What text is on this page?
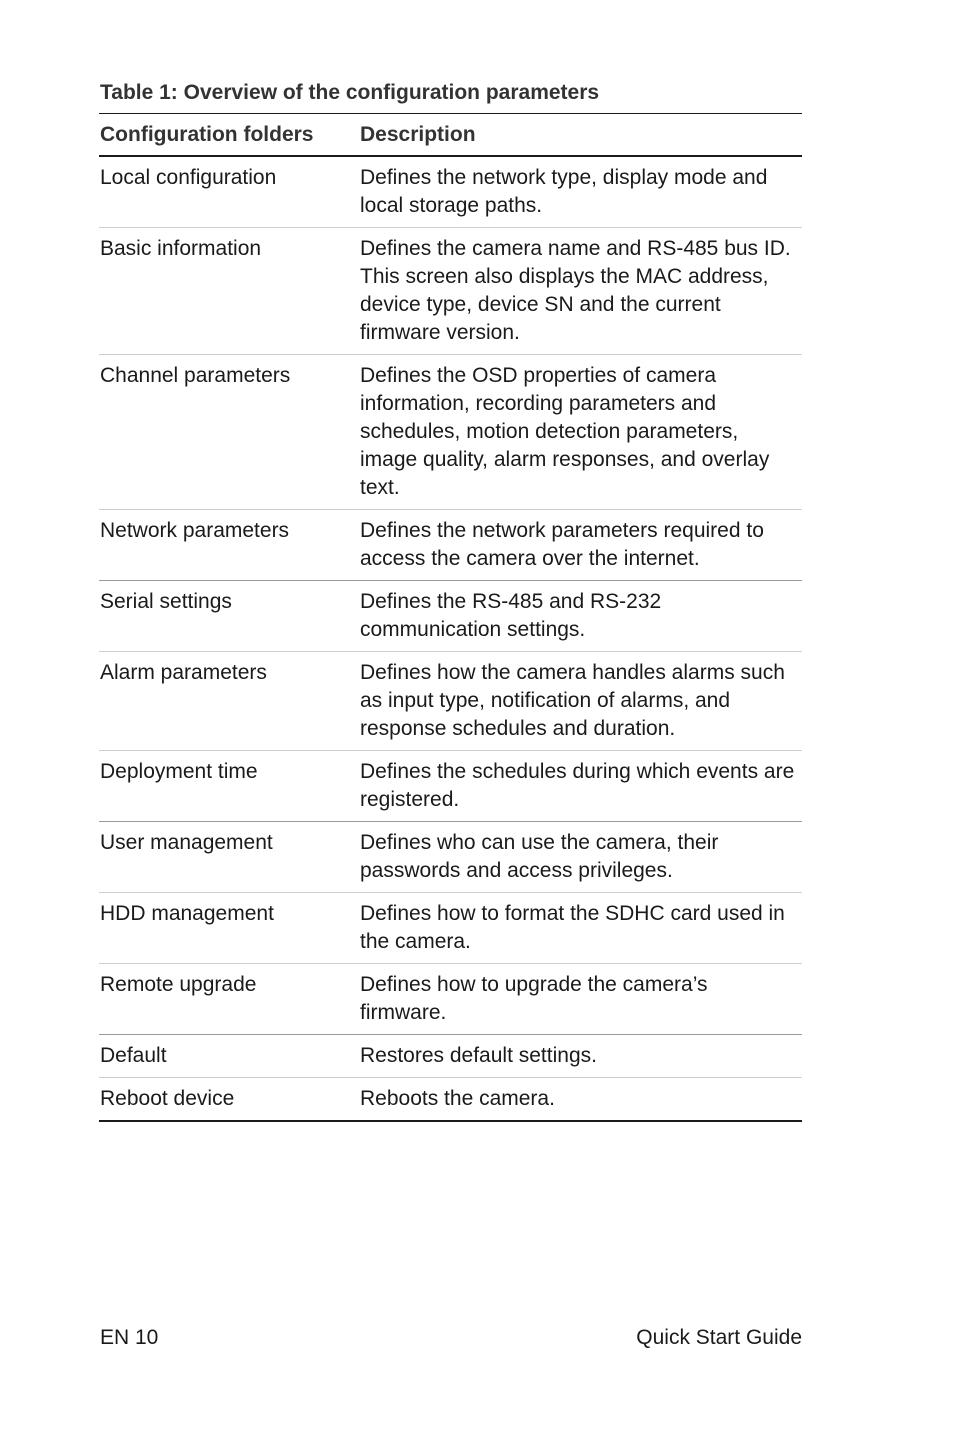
Table 1: Overview of the configuration parameters
Configuration folders	Description
Local configuration	Defines the network type, display mode and local storage paths.
Basic information	Defines the camera name and RS-485 bus ID. This screen also displays the MAC address, device type, device SN and the current firmware version.
Channel parameters	Defines the OSD properties of camera information, recording parameters and schedules, motion detection parameters, image quality, alarm responses, and overlay text.
Network parameters	Defines the network parameters required to access the camera over the internet.
Serial settings	Defines the RS-485 and RS-232 communication settings.
Alarm parameters	Defines how the camera handles alarms such as input type, notification of alarms, and response schedules and duration.
Deployment time	Defines the schedules during which events are registered.
User management	Defines who can use the camera, their passwords and access privileges.
HDD management	Defines how to format the SDHC card used in the camera.
Remote upgrade	Defines how to upgrade the camera’s firmware.
Default	Restores default settings.
Reboot device	Reboots the camera.
EN 10	Quick Start Guide
